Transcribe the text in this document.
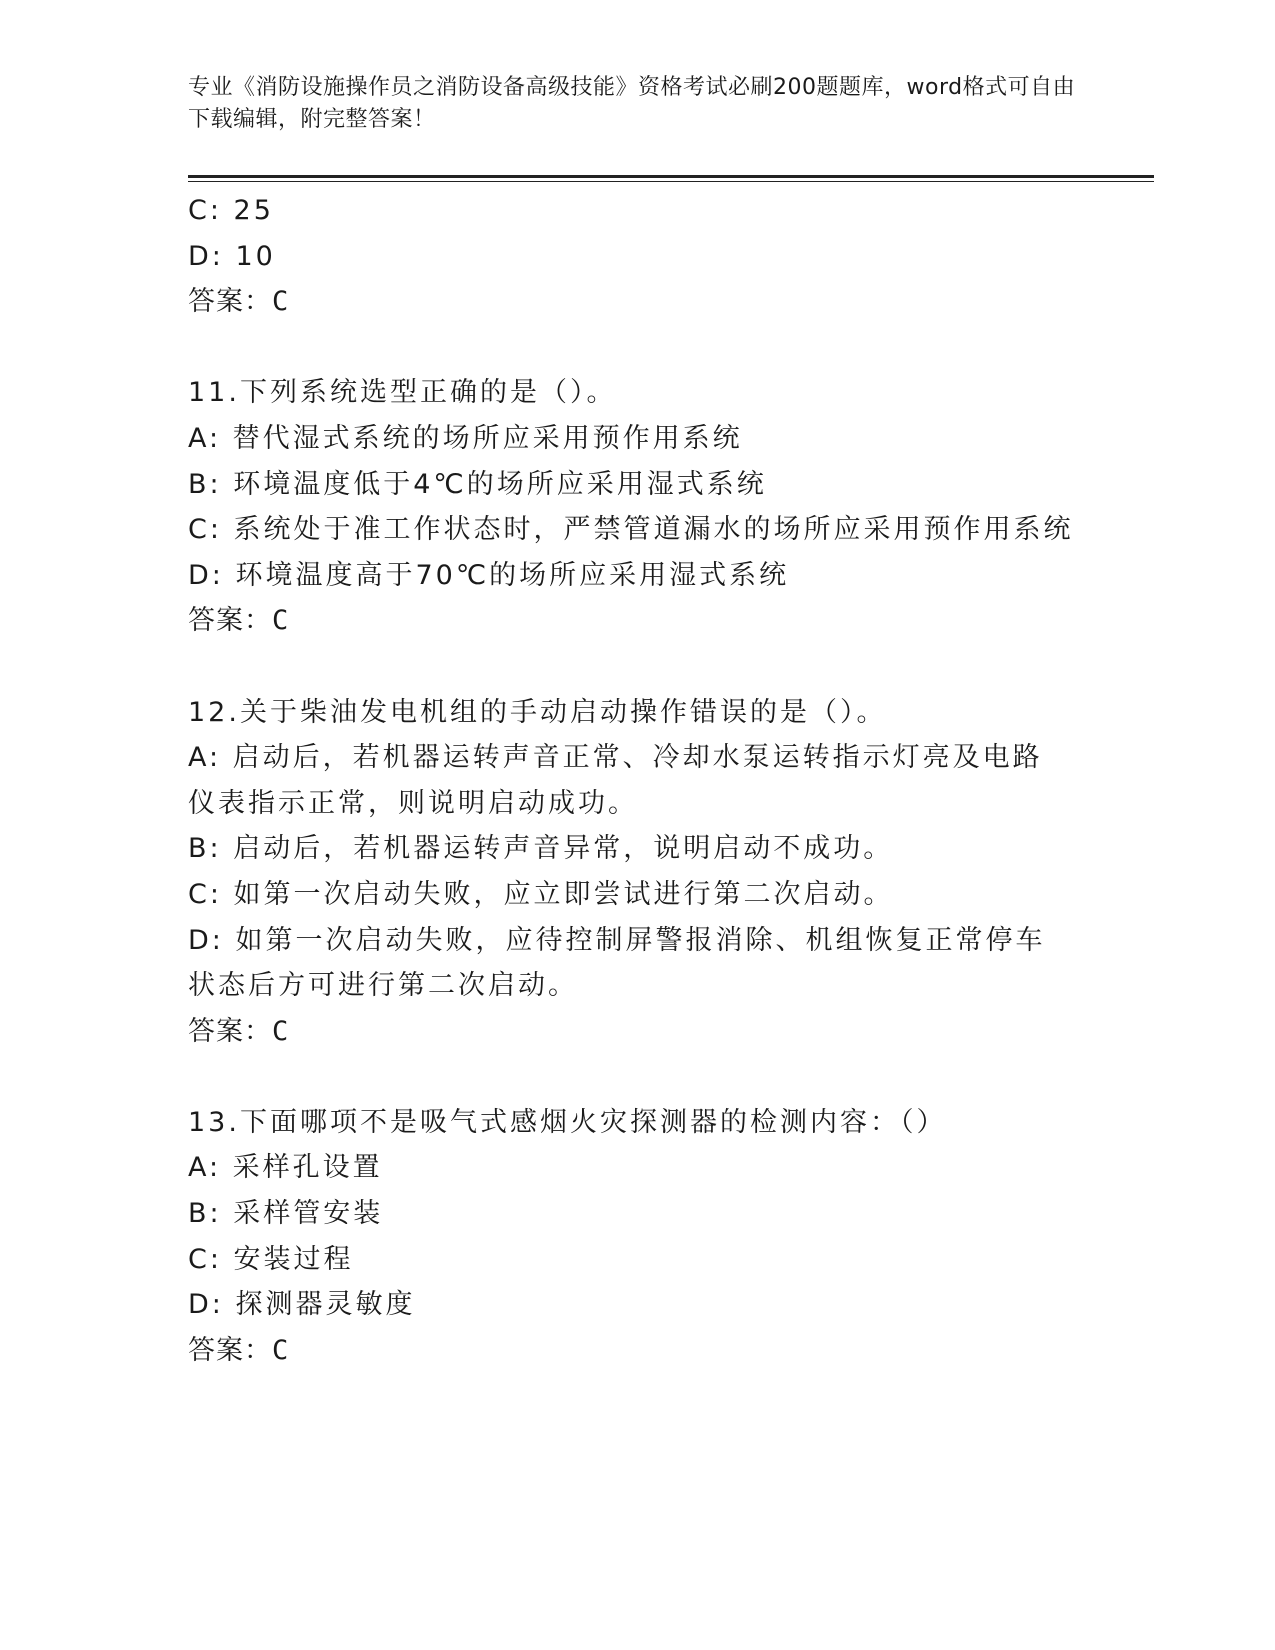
专业《消防设施操作员之消防设备高级技能》资格考试必刷200题题库，word格式可自由下载编辑，附完整答案！
C: 25
D: 10
答案：C
11.下列系统选型正确的是（）。
A: 替代湿式系统的场所应采用预作用系统
B: 环境温度低于4℃的场所应采用湿式系统
C: 系统处于准工作状态时，严禁管道漏水的场所应采用预作用系统
D: 环境温度高于70℃的场所应采用湿式系统
答案：C
12.关于柴油发电机组的手动启动操作错误的是（）。
A: 启动后，若机器运转声音正常、冷却水泵运转指示灯亮及电路仪表指示正常，则说明启动成功。
B: 启动后，若机器运转声音异常，说明启动不成功。
C: 如第一次启动失败，应立即尝试进行第二次启动。
D: 如第一次启动失败，应待控制屏警报消除、机组恢复正常停车状态后方可进行第二次启动。
答案：C
13.下面哪项不是吸气式感烟火灾探测器的检测内容：（）
A: 采样孔设置
B: 采样管安装
C: 安装过程
D: 探测器灵敏度
答案：C
